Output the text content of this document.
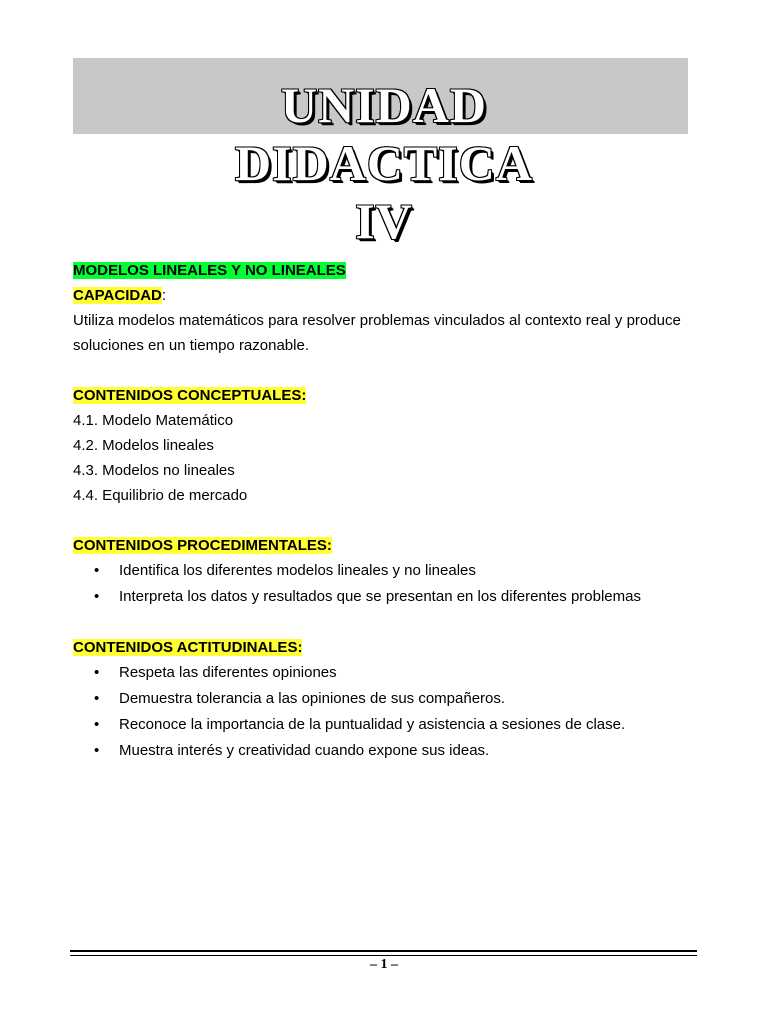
UNIDAD
DIDACTICA
IV
MODELOS LINEALES Y NO LINEALES
CAPACIDAD:

Utiliza modelos matemáticos para resolver problemas vinculados al contexto real y produce soluciones en un tiempo razonable.

CONTENIDOS CONCEPTUALES:
4.1. Modelo Matemático
4.2. Modelos lineales
4.3. Modelos no lineales
4.4. Equilibrio de mercado
CONTENIDOS PROCEDIMENTALES:
• Identifica los diferentes modelos lineales y no lineales
• Interpreta los datos y resultados que se presentan en los diferentes problemas
CONTENIDOS ACTITUDINALES:
• Respeta las diferentes opiniones
• Demuestra tolerancia a las opiniones de sus compañeros.
• Reconoce la importancia de la puntualidad y asistencia a sesiones de clase.
• Muestra interés y creatividad cuando expone sus ideas.
– 1 –
